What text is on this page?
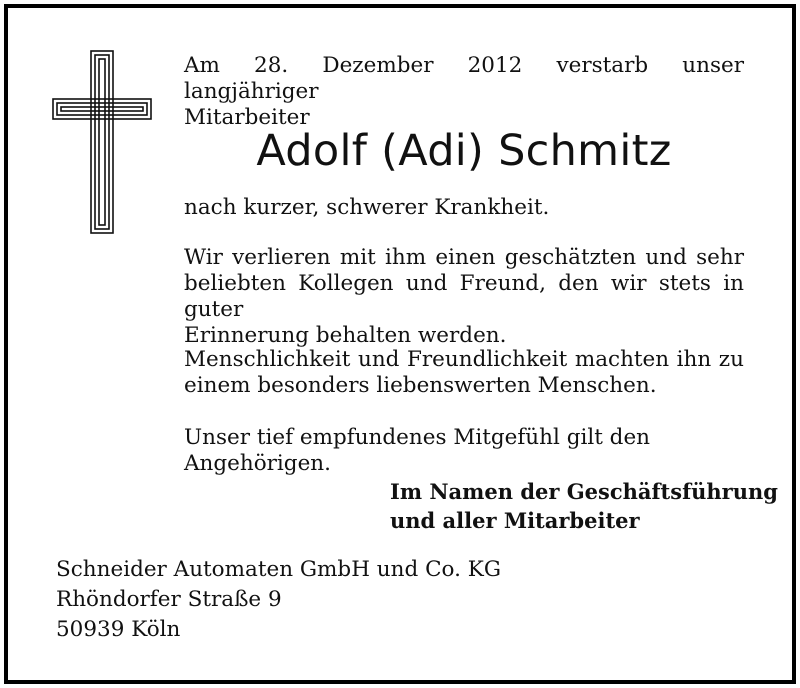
Am 28. Dezember 2012 verstarb unser langjähriger
Mitarbeiter

Adolf (Adi) Schmitz

nach kurzer, schwerer Krankheit.

Wir verlieren mit ihm einen geschätzten und sehr
beliebten Kollegen und Freund, den wir stets in guter
Erinnerung behalten werden.

Menschlichkeit und Freundlichkeit machten ihn zu
einem besonders liebenswerten Menschen.

Unser tief empfundenes Mitgefühl gilt den Angehörigen.

Im Namen der Geschäftsführung
und aller Mitarbeiter

Schneider Automaten GmbH und Co. KG
Rhöndorfer Straße 9
50939 Köln
